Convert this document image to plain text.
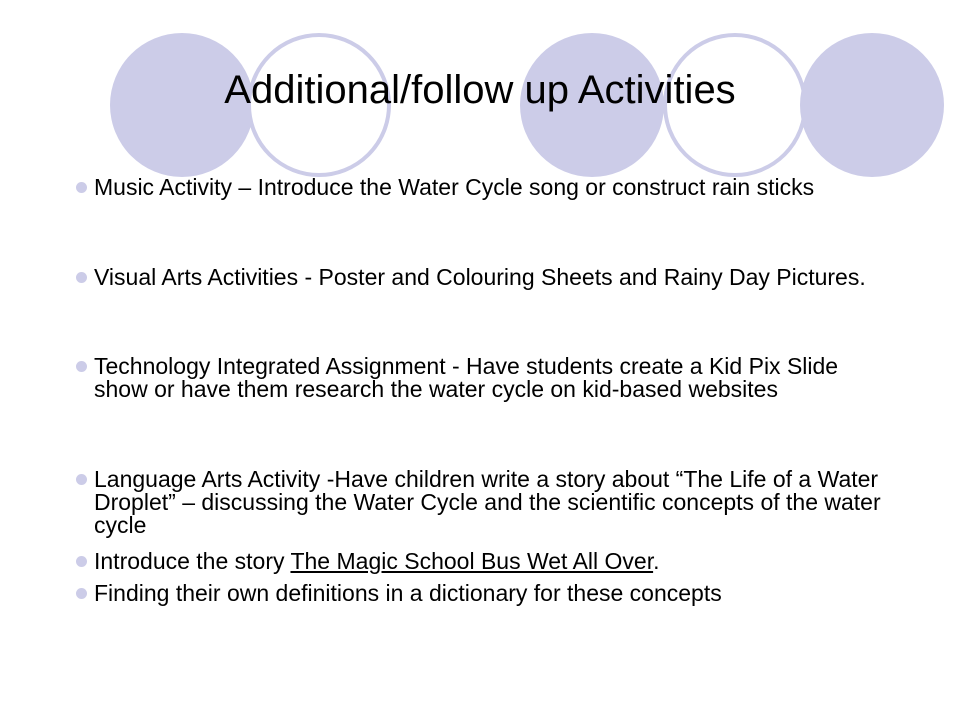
Additional/follow up Activities
Music Activity – Introduce the Water Cycle song or construct rain sticks
Visual Arts Activities - Poster and Colouring Sheets and Rainy Day Pictures.
Technology Integrated Assignment - Have students create a Kid Pix Slide show or have them research the water cycle on kid-based websites
Language Arts Activity -Have children write a story about “The Life of a Water Droplet” – discussing the Water Cycle and the scientific concepts of the water cycle
Introduce the story The Magic School Bus Wet All Over.
Finding their own definitions in a dictionary for these concepts
